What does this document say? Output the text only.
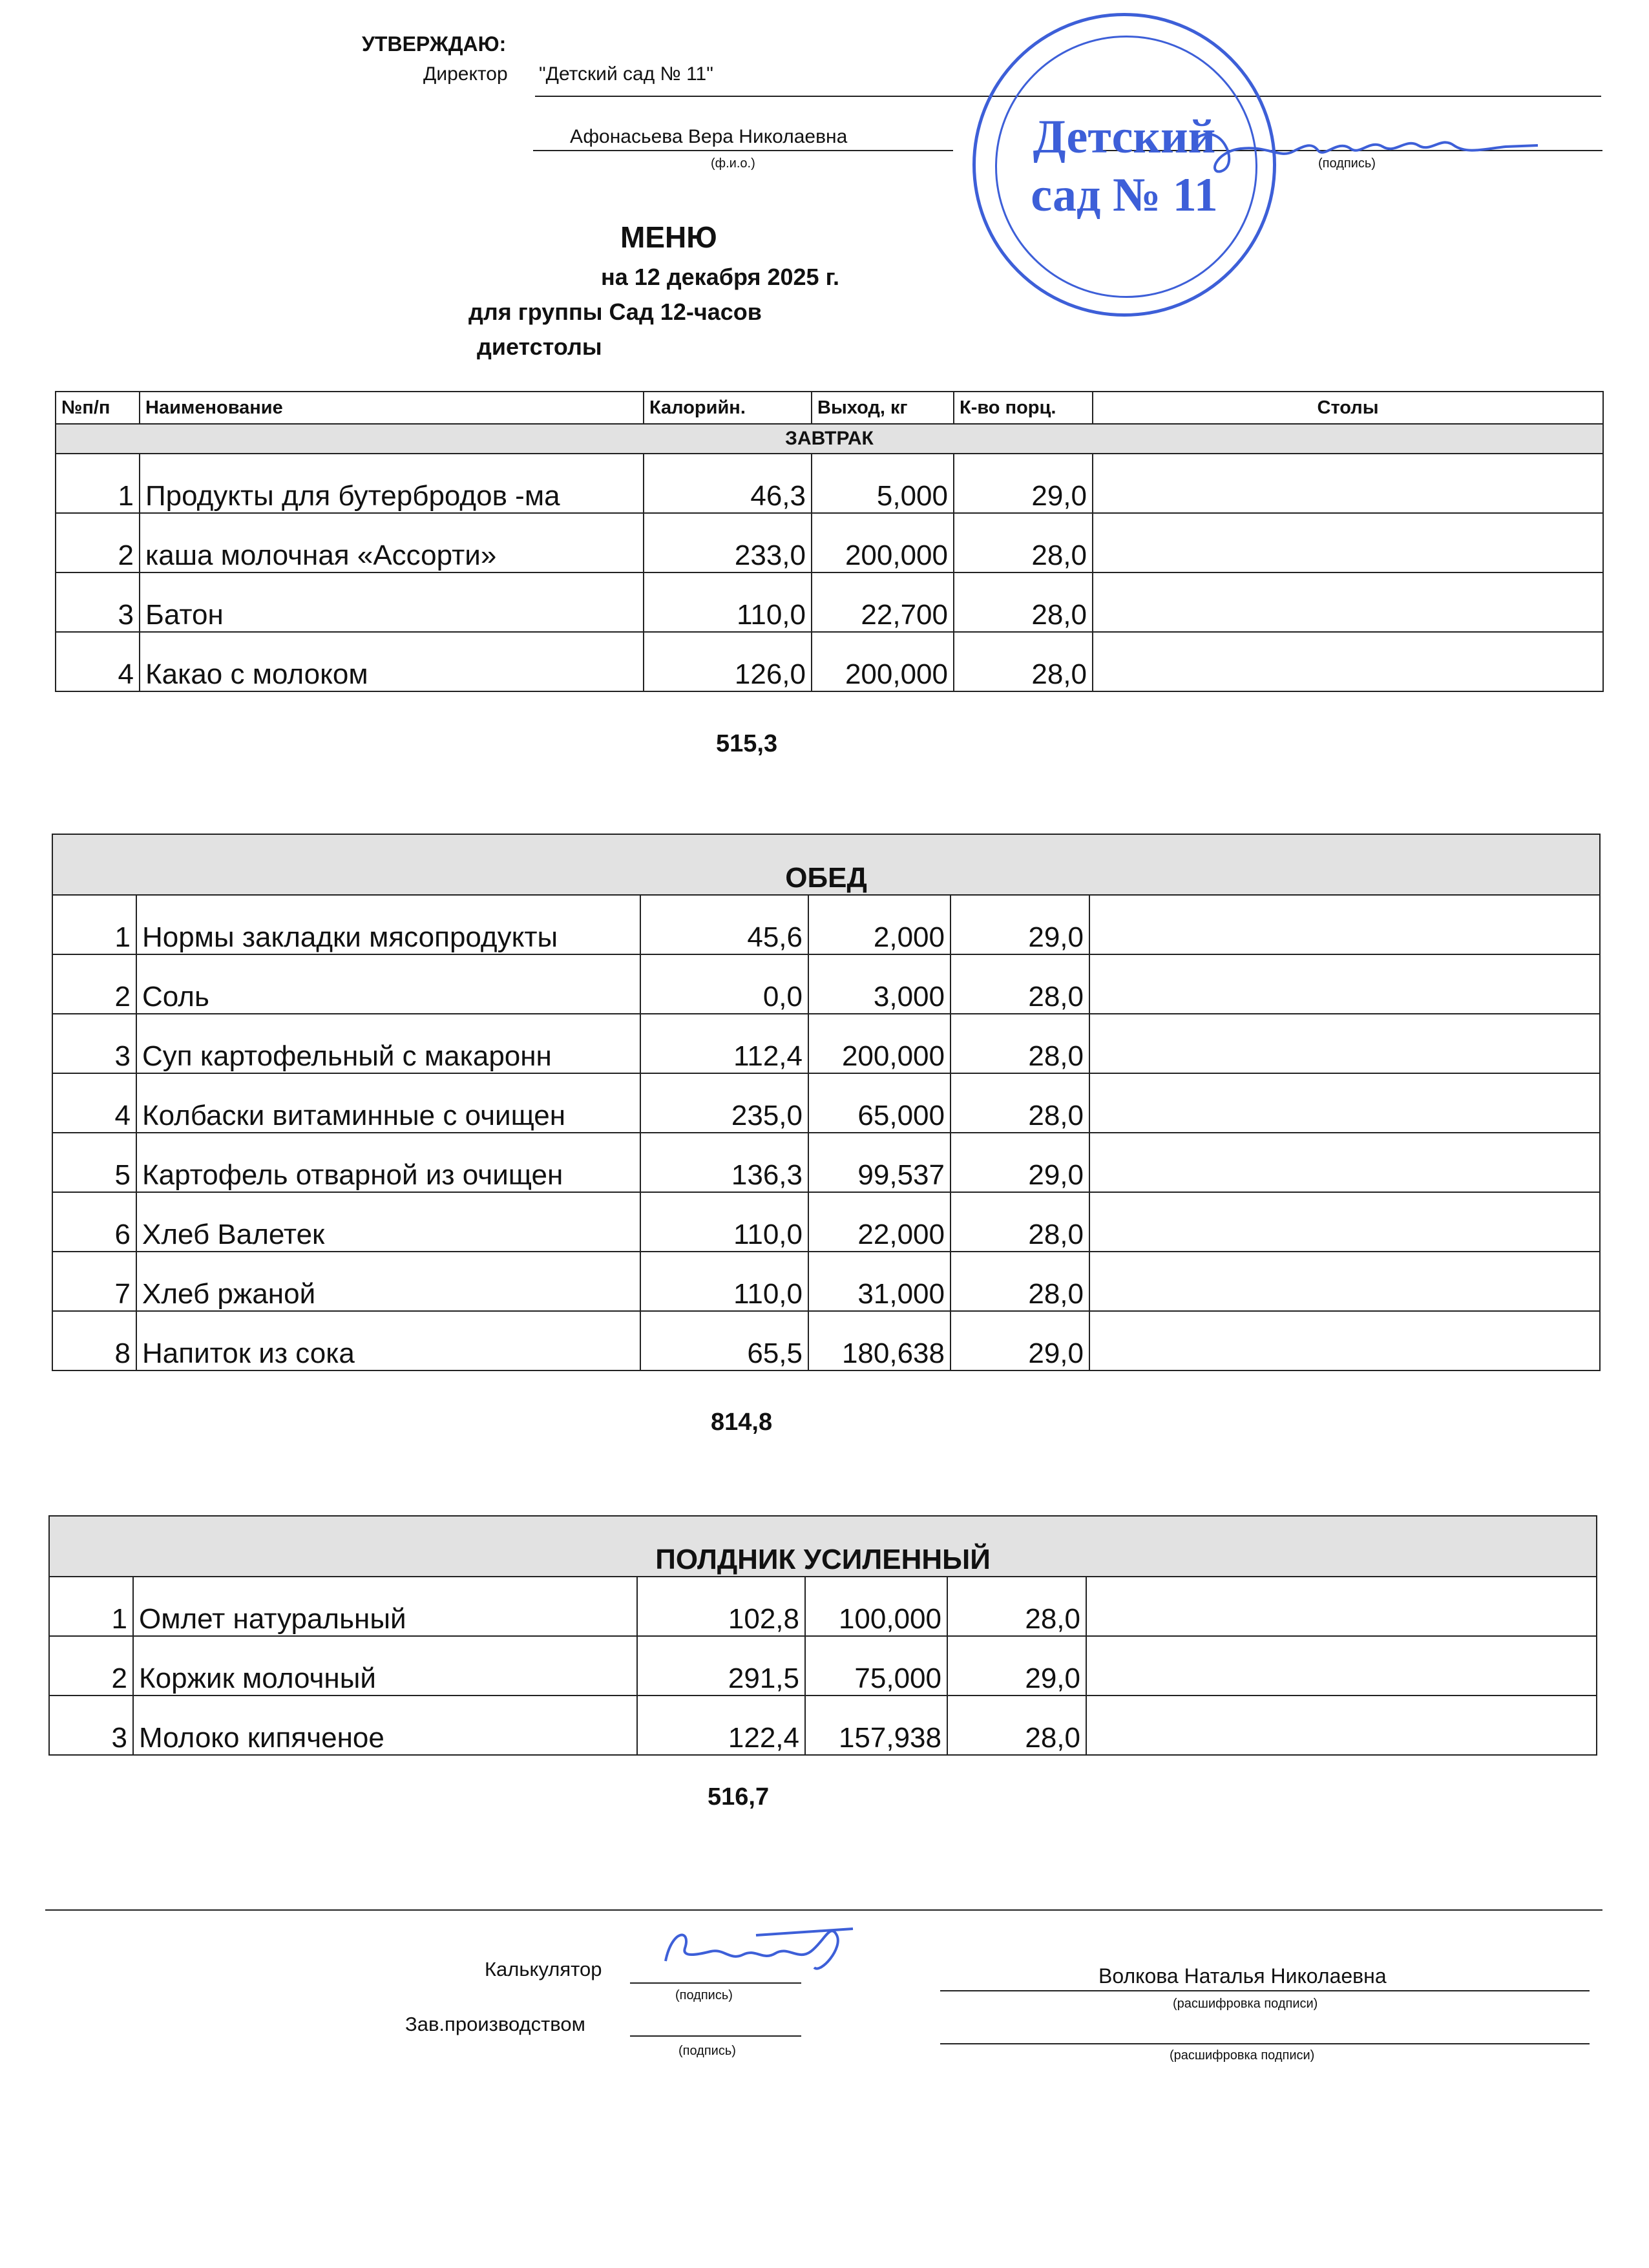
УТВЕРЖДАЮ:
Директор "Детский сад № 11"
Афонасьева Вера Николаевна
(ф.и.о.)	(подпись)
Детский
сад № 11
МЕНЮ
на 12 декабря 2025 г.
для группы Сад 12-часов
диетстолы
№п/п	Наименование	Калорийн.	Выход, кг	К-во порц.	Столы
ЗАВТРАК					
1	Продукты для бутербродов -ма	46,3	5,000	29,0	
2	каша молочная «Ассорти»	233,0	200,000	28,0	
3	Батон	110,0	22,700	28,0	
4	Какао с молоком	126,0	200,000	28,0	
515,3
ОБЕД					
1	Нормы закладки мясопродукты	45,6	2,000	29,0	
2	Соль	0,0	3,000	28,0	
3	Суп картофельный с макаронн	112,4	200,000	28,0	
4	Колбаски витаминные с очищен	235,0	65,000	28,0	
5	Картофель отварной из очищен	136,3	99,537	29,0	
6	Хлеб Валетек	110,0	22,000	28,0	
7	Хлеб ржаной	110,0	31,000	28,0	
8	Напиток из сока	65,5	180,638	29,0	
814,8
ПОЛДНИК УСИЛЕННЫЙ					
1	Омлет натуральный	102,8	100,000	28,0	
2	Коржик молочный	291,5	75,000	29,0	
3	Молоко кипяченое	122,4	157,938	28,0	
516,7
Калькулятор
(подпись)
Волкова Наталья Николаевна
(расшифровка подписи)
Зав.производством
(подпись)	(расшифровка подписи)
